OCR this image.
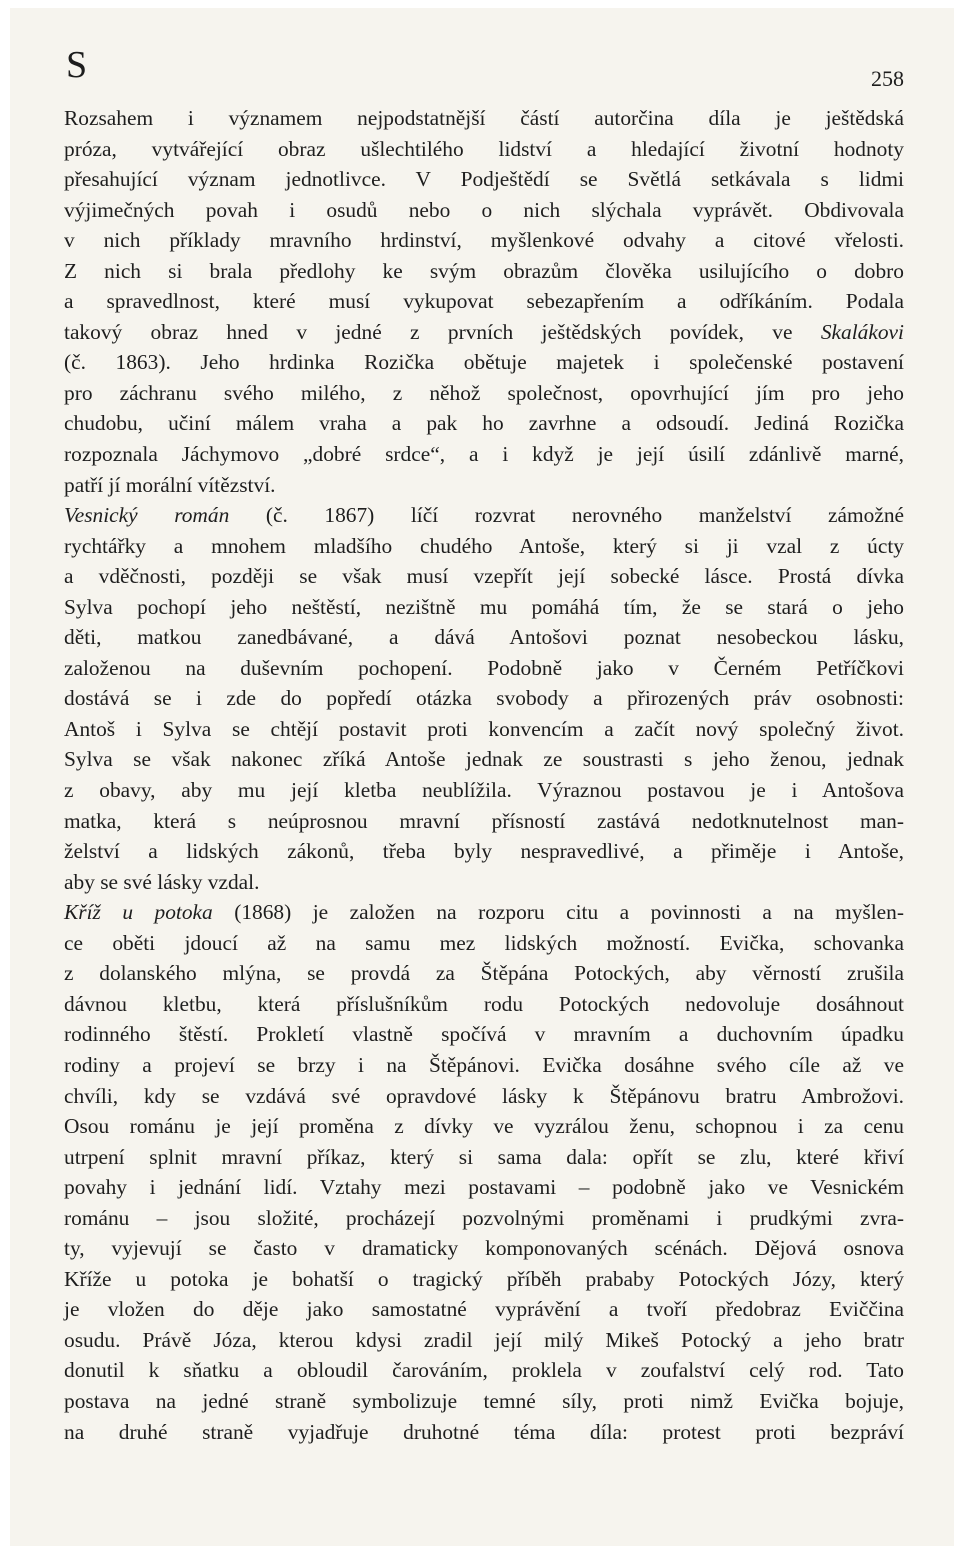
S	258
Rozsahem i významem nejpodstatnější částí autorčina díla je ještědská
próza, vytvářející obraz ušlechtilého lidství a hledající životní hodnoty
přesahující význam jednotlivce. V Podještědí se Světlá setkávala s lidmi
výjimečných povah i osudů nebo o nich slýchala vyprávět. Obdivovala
v nich příklady mravního hrdinství, myšlenkové odvahy a citové vřelosti.
Z nich si brala předlohy ke svým obrazům člověka usilujícího o dobro
a spravedlnost, které musí vykupovat sebezapřením a odříkáním. Podala
takový obraz hned v jedné z prvních ještědských povídek, ve Skalákovi
(č. 1863). Jeho hrdinka Rozička obětuje majetek i společenské postavení
pro záchranu svého milého, z něhož společnost, opovrhující jím pro jeho
chudobu, učiní málem vraha a pak ho zavrhne a odsoudí. Jediná Rozička
rozpoznala Jáchymovo „dobré srdce“, a i když je její úsilí zdánlivě marné,
patří jí morální vítězství.
Vesnický román (č. 1867) líčí rozvrat nerovného manželství zámožné
rychtářky a mnohem mladšího chudého Antoše, který si ji vzal z úcty
a vděčnosti, později se však musí vzepřít její sobecké lásce. Prostá dívka
Sylva pochopí jeho neštěstí, nezištně mu pomáhá tím, že se stará o jeho
děti, matkou zanedbávané, a dává Antošovi poznat nesobeckou lásku,
založenou na duševním pochopení. Podobně jako v Černém Petříčkovi
dostává se i zde do popředí otázka svobody a přirozených práv osobnosti:
Antoš i Sylva se chtějí postavit proti konvencím a začít nový společný život.
Sylva se však nakonec zříká Antoše jednak ze soustrasti s jeho ženou, jednak
z obavy, aby mu její kletba neublížila. Výraznou postavou je i Antošova
matka, která s neúprosnou mravní přísností zastává nedotknutelnost man-
želství a lidských zákonů, třeba byly nespravedlivé, a přiměje i Antoše,
aby se své lásky vzdal.
Kříž u potoka (1868) je založen na rozporu citu a povinnosti a na myšlen-
ce oběti jdoucí až na samu mez lidských možností. Evička, schovanka
z dolanského mlýna, se provdá za Štěpána Potockých, aby věrností zrušila
dávnou kletbu, která příslušníkům rodu Potockých nedovoluje dosáhnout
rodinného štěstí. Prokletí vlastně spočívá v mravním a duchovním úpadku
rodiny a projeví se brzy i na Štěpánovi. Evička dosáhne svého cíle až ve
chvíli, kdy se vzdává své opravdové lásky k Štěpánovu bratru Ambrožovi.
Osou románu je její proměna z dívky ve vyzrálou ženu, schopnou i za cenu
utrpení splnit mravní příkaz, který si sama dala: opřít se zlu, které křiví
povahy i jednání lidí. Vztahy mezi postavami – podobně jako ve Vesnickém
románu – jsou složité, procházejí pozvolnými proměnami i prudkými zvra-
ty, vyjevují se často v dramaticky komponovaných scénách. Dějová osnova
Kříže u potoka je bohatší o tragický příběh prababy Potockých Józy, který
je vložen do děje jako samostatné vyprávění a tvoří předobraz Eviččina
osudu. Právě Józa, kterou kdysi zradil její milý Mikeš Potocký a jeho bratr
donutil k sňatku a obloudil čarováním, proklela v zoufalství celý rod. Tato
postava na jedné straně symbolizuje temné síly, proti nimž Evička bojuje,
na druhé straně vyjadřuje druhotné téma díla: protest proti bezpráví
